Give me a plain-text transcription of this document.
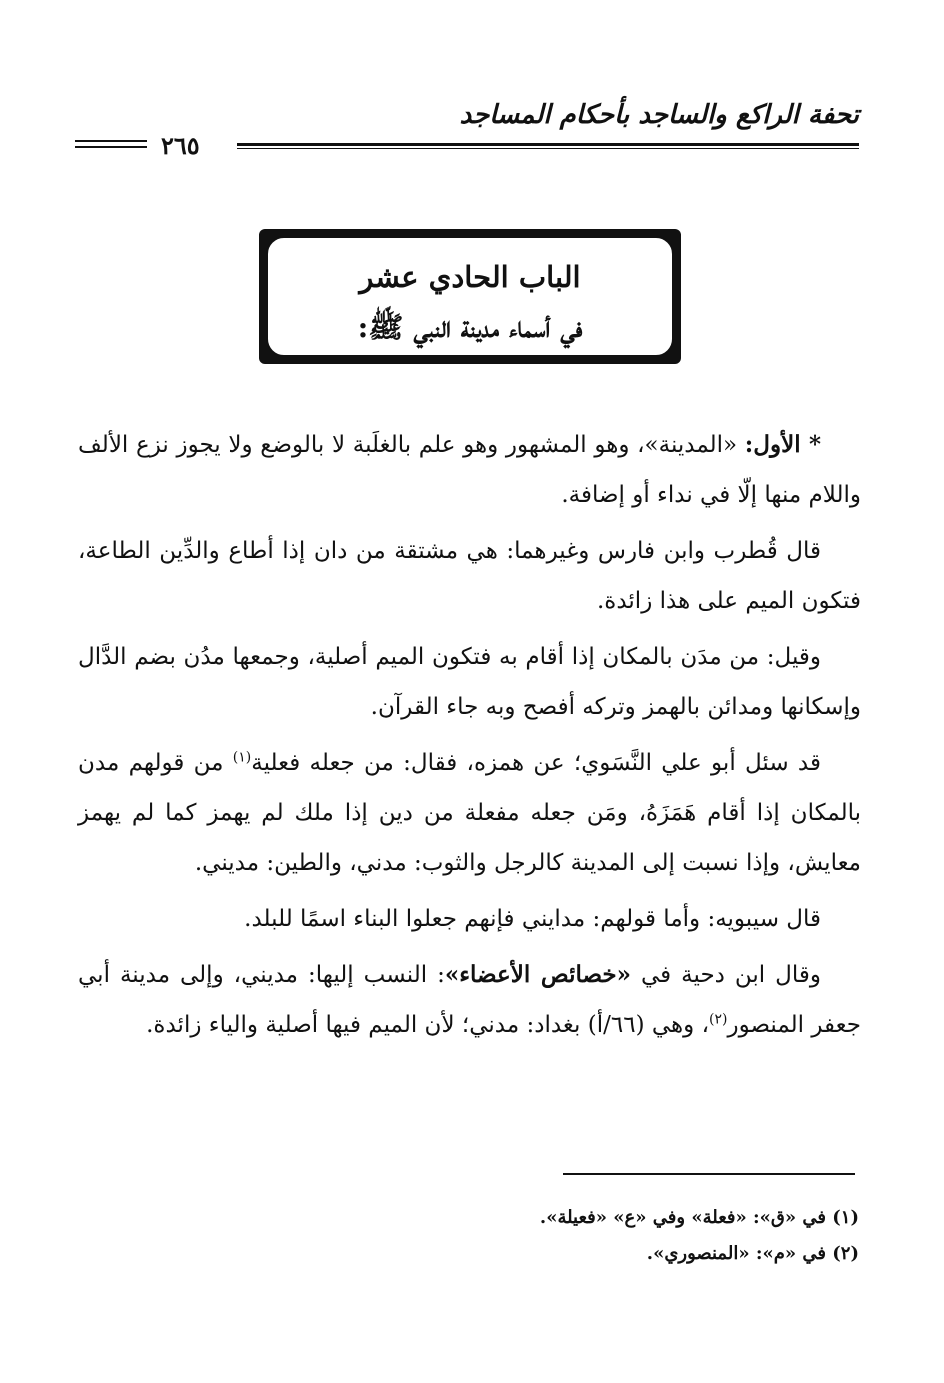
تحفة الراكع والساجد بأحكام المساجد
٢٦٥
الباب الحادي عشر
في أسماء مدينة النبي ﷺ:

* الأول: «المدينة»، وهو المشهور وهو علم بالغلَبة لا بالوضع ولا يجوز نزع الألف واللام منها إلّا في نداء أو إضافة.

قال قُطرب وابن فارس وغيرهما: هي مشتقة من دان إذا أطاع والدِّين الطاعة، فتكون الميم على هذا زائدة.

وقيل: من مدَن بالمكان إذا أقام به فتكون الميم أصلية، وجمعها مدُن بضم الدَّال وإسكانها ومدائن بالهمز وتركه أفصح وبه جاء القرآن.

قد سئل أبو علي النَّسَوي؛ عن همزه، فقال: من جعله فعلية$^{(١)}$ من قولهم مدن بالمكان إذا أقام هَمَزَهُ، ومَن جعله مفعلة من دين إذا ملك لم يهمز كما لم يهمز معايش، وإذا نسبت إلى المدينة كالرجل والثوب: مدني، والطين: مديني.

قال سيبويه: وأما قولهم: مدايني فإنهم جعلوا البناء اسمًا للبلد.

وقال ابن دحية في «خصائص الأعضاء»: النسب إليها: مديني، وإلى مدينة أبي جعفر المنصور$^{(٢)}$، وهي (٦٦/أ) بغداد: مدني؛ لأن الميم فيها أصلية والياء زائدة.

(١) في «ق»: «فعلة» وفي «ع» «فعيلة».

(٢) في «م»: «المنصوري».
